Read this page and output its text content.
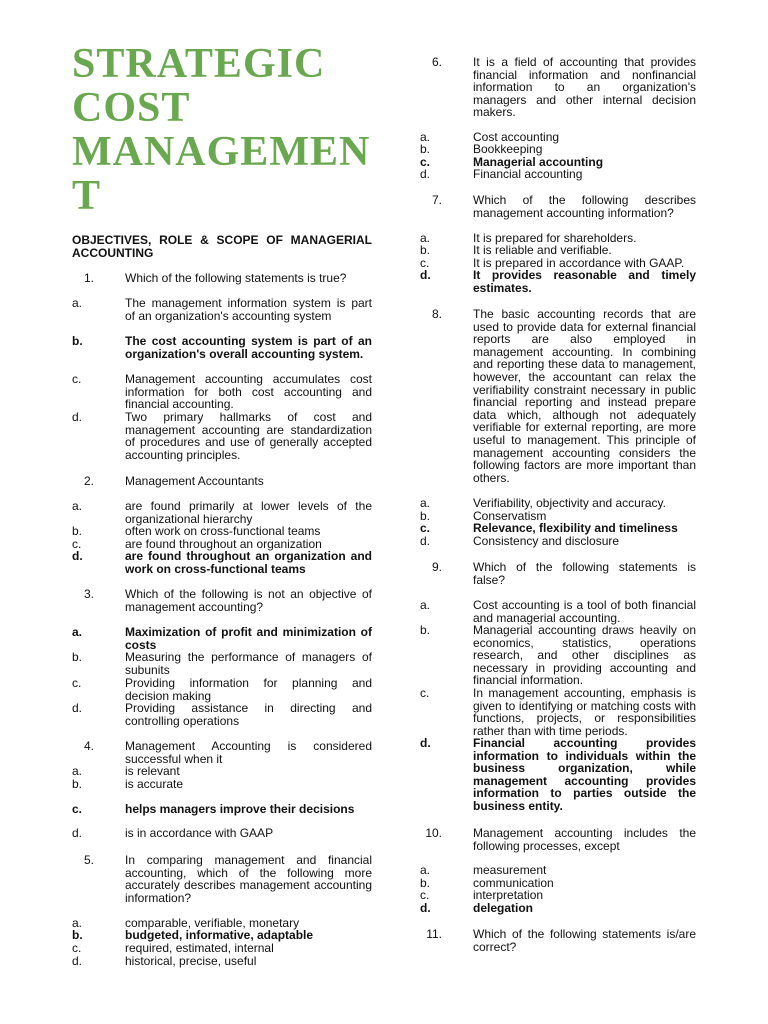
STRATEGIC COST MANAGEMEN T
OBJECTIVES, ROLE & SCOPE OF MANAGERIAL ACCOUNTING
1.	Which of the following statements is true?
a.	The management information system is part of an organization's accounting system
b.	The cost accounting system is part of an organization's overall accounting system.
c.	Management accounting accumulates cost information for both cost accounting and financial accounting.
d.	Two primary hallmarks of cost and management accounting are standardization of procedures and use of generally accepted accounting principles.
2.	Management Accountants
a.	are found primarily at lower levels of the organizational hierarchy
b.	often work on cross-functional teams
c.	are found throughout an organization
d.	are found throughout an organization and work on cross-functional teams
3.	Which of the following is not an objective of management accounting?
a.	Maximization of profit and minimization of costs
b.	Measuring the performance of managers of subunits
c.	Providing information for planning and decision making
d.	Providing assistance in directing and controlling operations
4.	Management Accounting is considered successful when it
a.	is relevant
b.	is accurate
c.	helps managers improve their decisions
d.	is in accordance with GAAP
5.	In comparing management and financial accounting, which of the following more accurately describes management accounting information?
a.	comparable, verifiable, monetary
b.	budgeted, informative, adaptable
c.	required, estimated, internal
d.	historical, precise, useful
6.	It is a field of accounting that provides financial information and nonfinancial information to an organization's managers and other internal decision makers.
a.	Cost accounting
b.	Bookkeeping
c.	Managerial accounting
d.	Financial accounting
7.	Which of the following describes management accounting information?
a.	It is prepared for shareholders.
b.	It is reliable and verifiable.
c.	It is prepared in accordance with GAAP.
d.	It provides reasonable and timely estimates.
8.	The basic accounting records that are used to provide data for external financial reports are also employed in management accounting. In combining and reporting these data to management, however, the accountant can relax the verifiability constraint necessary in public financial reporting and instead prepare data which, although not adequately verifiable for external reporting, are more useful to management. This principle of management accounting considers the following factors are more important than others.
a.	Verifiability, objectivity and accuracy.
b.	Conservatism
c.	Relevance, flexibility and timeliness
d.	Consistency and disclosure
9.	Which of the following statements is false?
a.	Cost accounting is a tool of both financial and managerial accounting.
b.	Managerial accounting draws heavily on economics, statistics, operations research, and other disciplines as necessary in providing accounting and financial information.
c.	In management accounting, emphasis is given to identifying or matching costs with functions, projects, or responsibilities rather than with time periods.
d.	Financial accounting provides information to individuals within the business organization, while management accounting provides information to parties outside the business entity.
10.	Management accounting includes the following processes, except
a.	measurement
b.	communication
c.	interpretation
d.	delegation
11.	Which of the following statements is/are correct?
